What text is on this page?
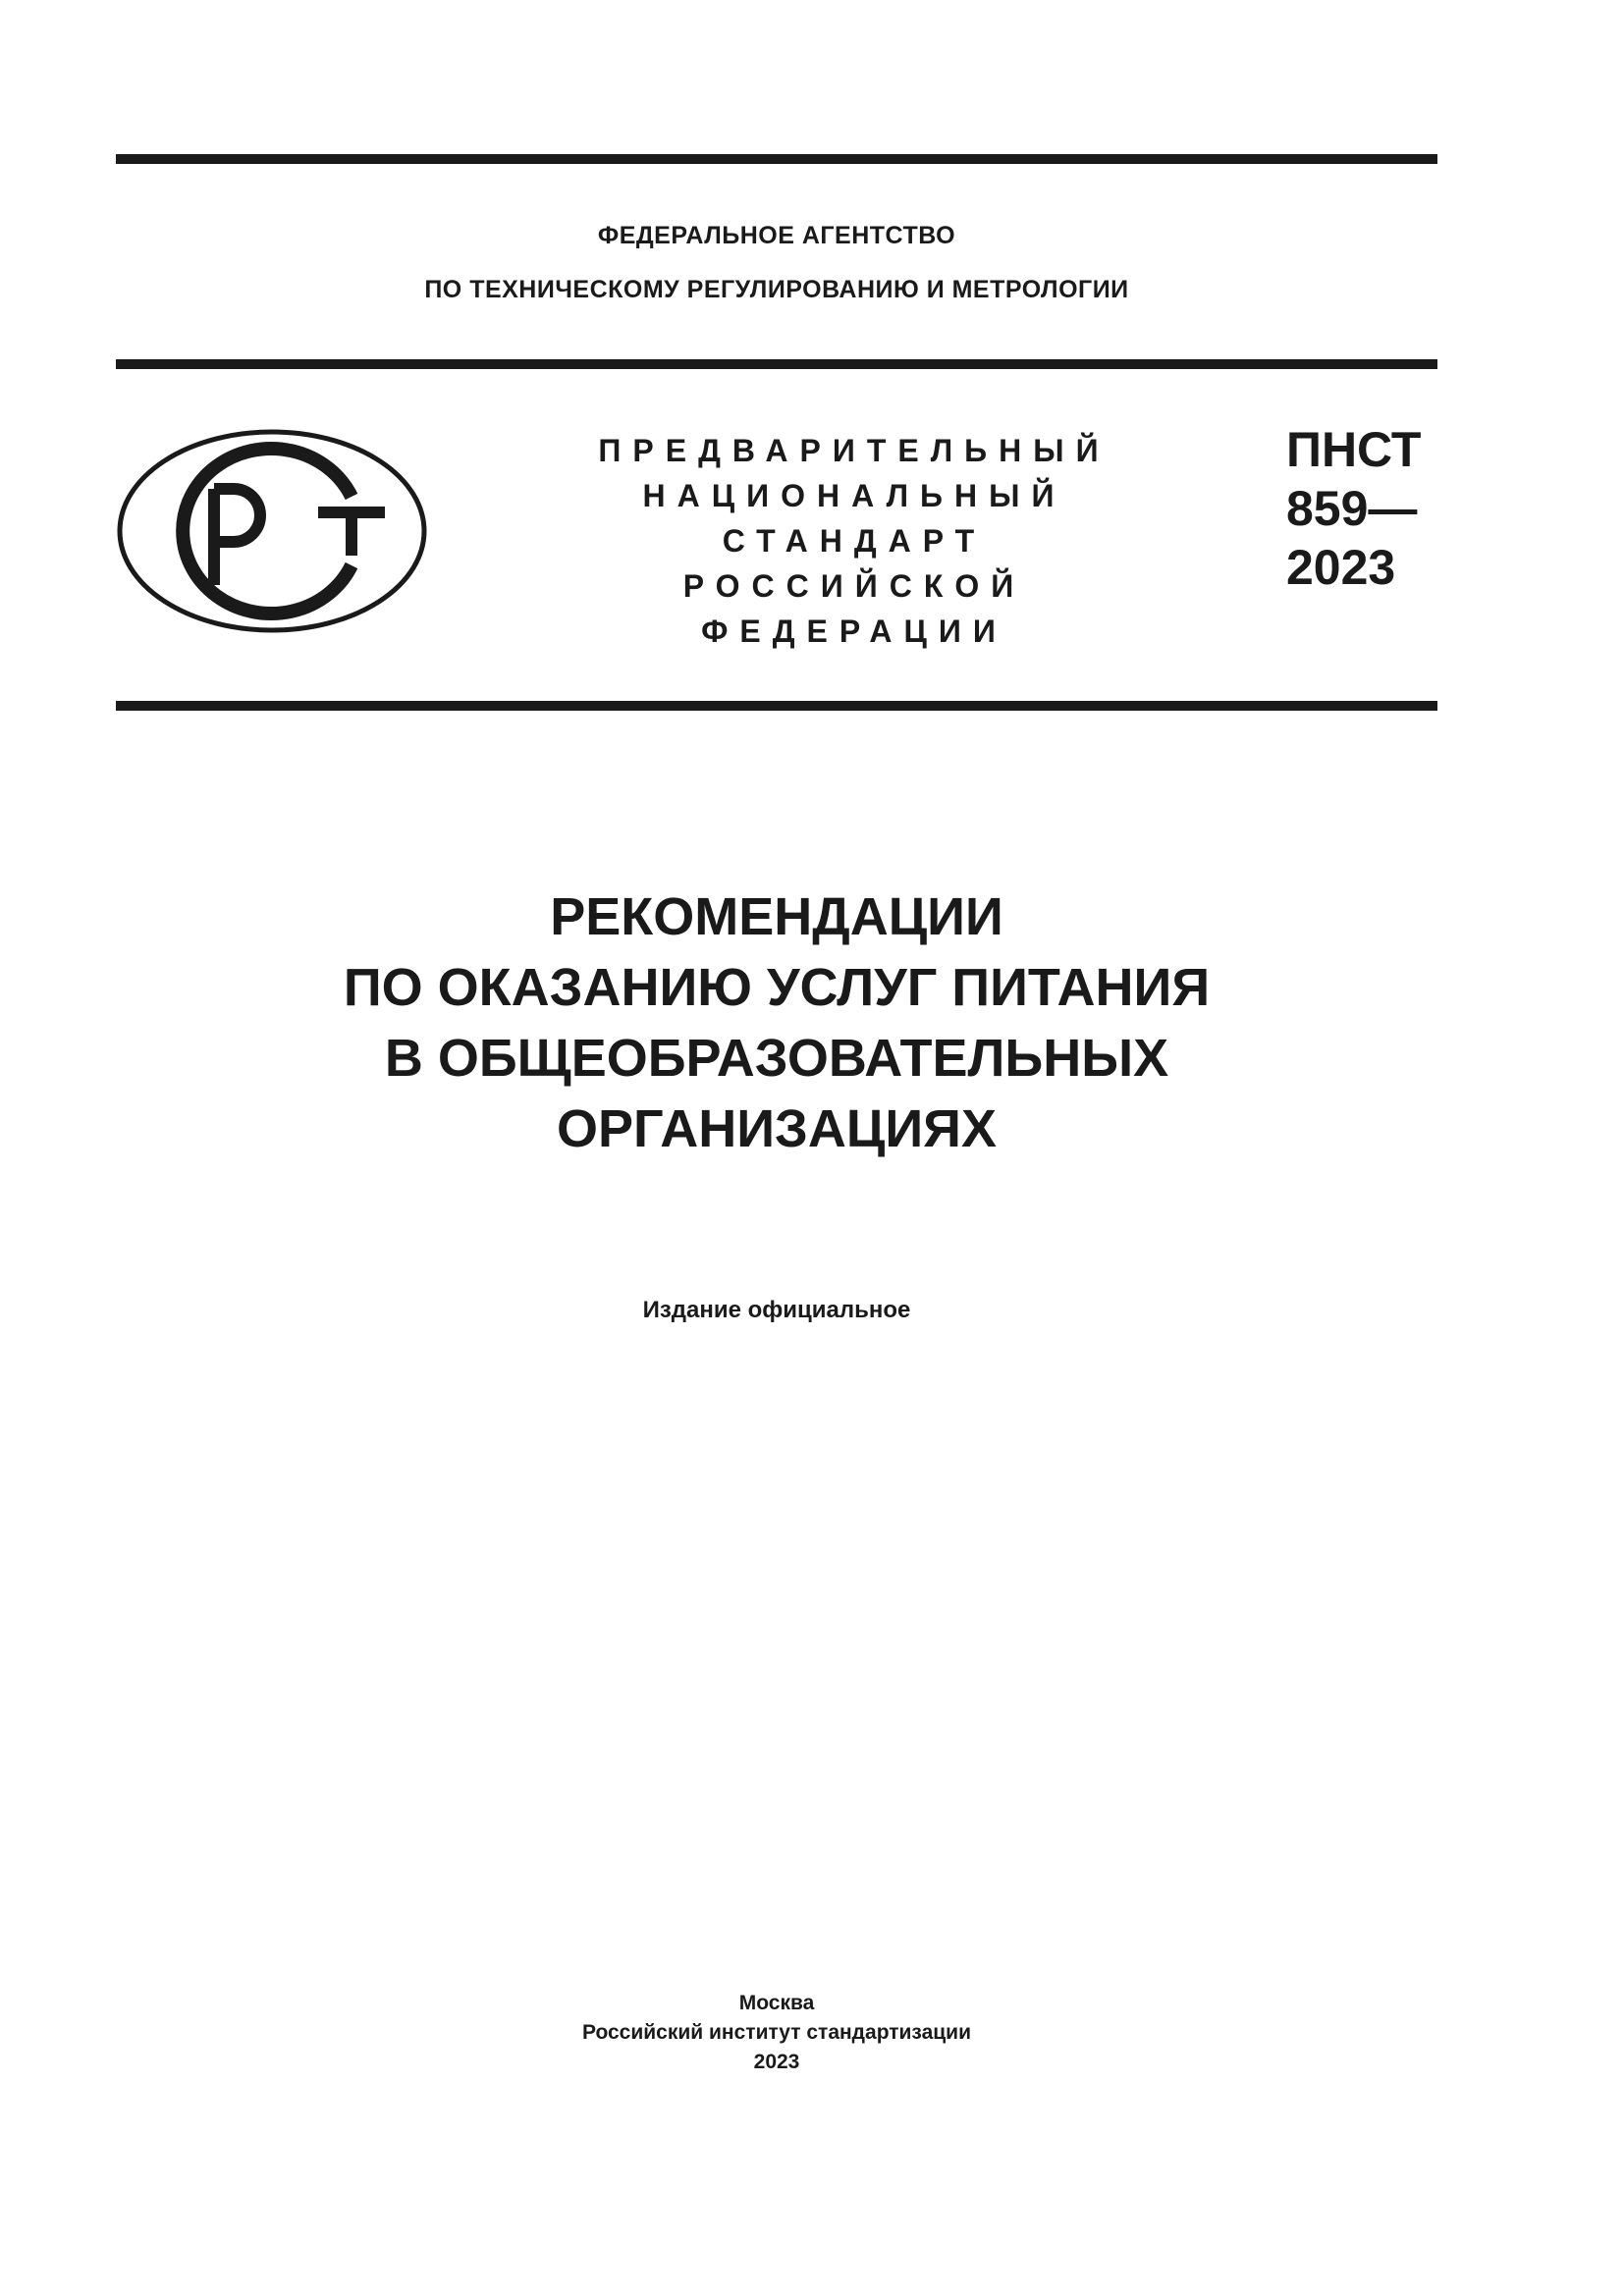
ФЕДЕРАЛЬНОЕ АГЕНТСТВО
ПО ТЕХНИЧЕСКОМУ РЕГУЛИРОВАНИЮ И МЕТРОЛОГИИ
ПРЕДВАРИТЕЛЬНЫЙ
НАЦИОНАЛЬНЫЙ
СТАНДАРТ
РОССИЙСКОЙ
ФЕДЕРАЦИИ
ПНСТ
859—
2023
РЕКОМЕНДАЦИИ
ПО ОКАЗАНИЮ УСЛУГ ПИТАНИЯ
В ОБЩЕОБРАЗОВАТЕЛЬНЫХ
ОРГАНИЗАЦИЯХ
Издание официальное
Москва
Российский институт стандартизации
2023
